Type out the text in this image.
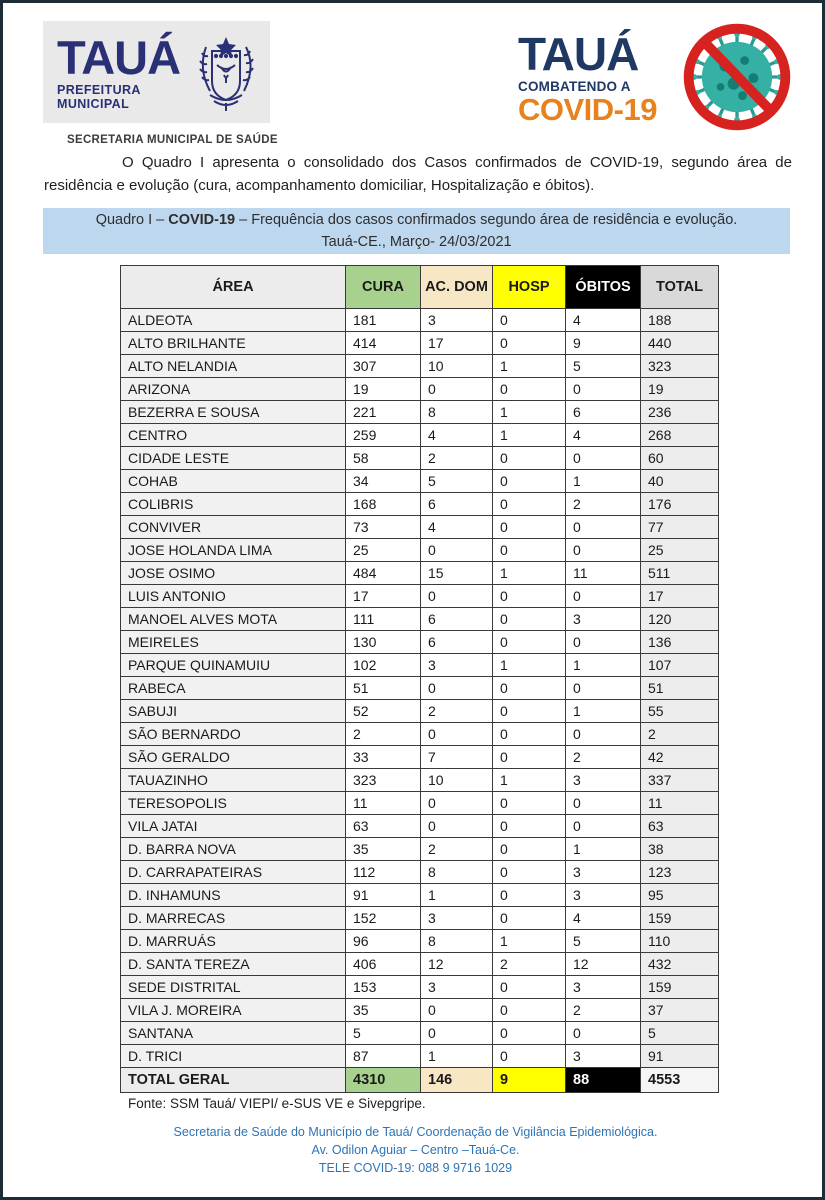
TAUÁ
PREFEITURA MUNICIPAL
SECRETARIA MUNICIPAL DE SAÚDE
TAUÁ
COMBATENDO A
COVID-19

O Quadro I apresenta o consolidado dos Casos confirmados de COVID-19, segundo área de residência e evolução (cura, acompanhamento domiciliar, Hospitalização e óbitos).

Quadro I – COVID-19 – Frequência dos casos confirmados segundo área de residência e evolução.
Tauá-CE., Março- 24/03/2021
ÁREA	CURA	AC. DOM	HOSP	ÓBITOS	TOTAL
ALDEOTA	181	3	0	4	188
ALTO BRILHANTE	414	17	0	9	440
ALTO NELANDIA	307	10	1	5	323
ARIZONA	19	0	0	0	19
BEZERRA E SOUSA	221	8	1	6	236
CENTRO	259	4	1	4	268
CIDADE LESTE	58	2	0	0	60
COHAB	34	5	0	1	40
COLIBRIS	168	6	0	2	176
CONVIVER	73	4	0	0	77
JOSE HOLANDA LIMA	25	0	0	0	25
JOSE OSIMO	484	15	1	11	511
LUIS ANTONIO	17	0	0	0	17
MANOEL ALVES MOTA	111	6	0	3	120
MEIRELES	130	6	0	0	136
PARQUE QUINAMUIU	102	3	1	1	107
RABECA	51	0	0	0	51
SABUJI	52	2	0	1	55
SÃO BERNARDO	2	0	0	0	2
SÃO GERALDO	33	7	0	2	42
TAUAZINHO	323	10	1	3	337
TERESOPOLIS	11	0	0	0	11
VILA JATAI	63	0	0	0	63
D. BARRA NOVA	35	2	0	1	38
D. CARRAPATEIRAS	112	8	0	3	123
D. INHAMUNS	91	1	0	3	95
D. MARRECAS	152	3	0	4	159
D. MARRUÁS	96	8	1	5	110
D. SANTA TEREZA	406	12	2	12	432
SEDE DISTRITAL	153	3	0	3	159
VILA J. MOREIRA	35	0	0	2	37
SANTANA	5	0	0	0	5
D. TRICI	87	1	0	3	91
TOTAL GERAL	4310	146	9	88	4553
Fonte: SSM Tauá/ VIEPI/ e-SUS VE e Sivepgripe.
Secretaria de Saúde do Município de Tauá/ Coordenação de Vigilância Epidemiológica.
Av. Odilon Aguiar – Centro –Tauá-Ce.
TELE COVID-19: 088 9 9716 1029
